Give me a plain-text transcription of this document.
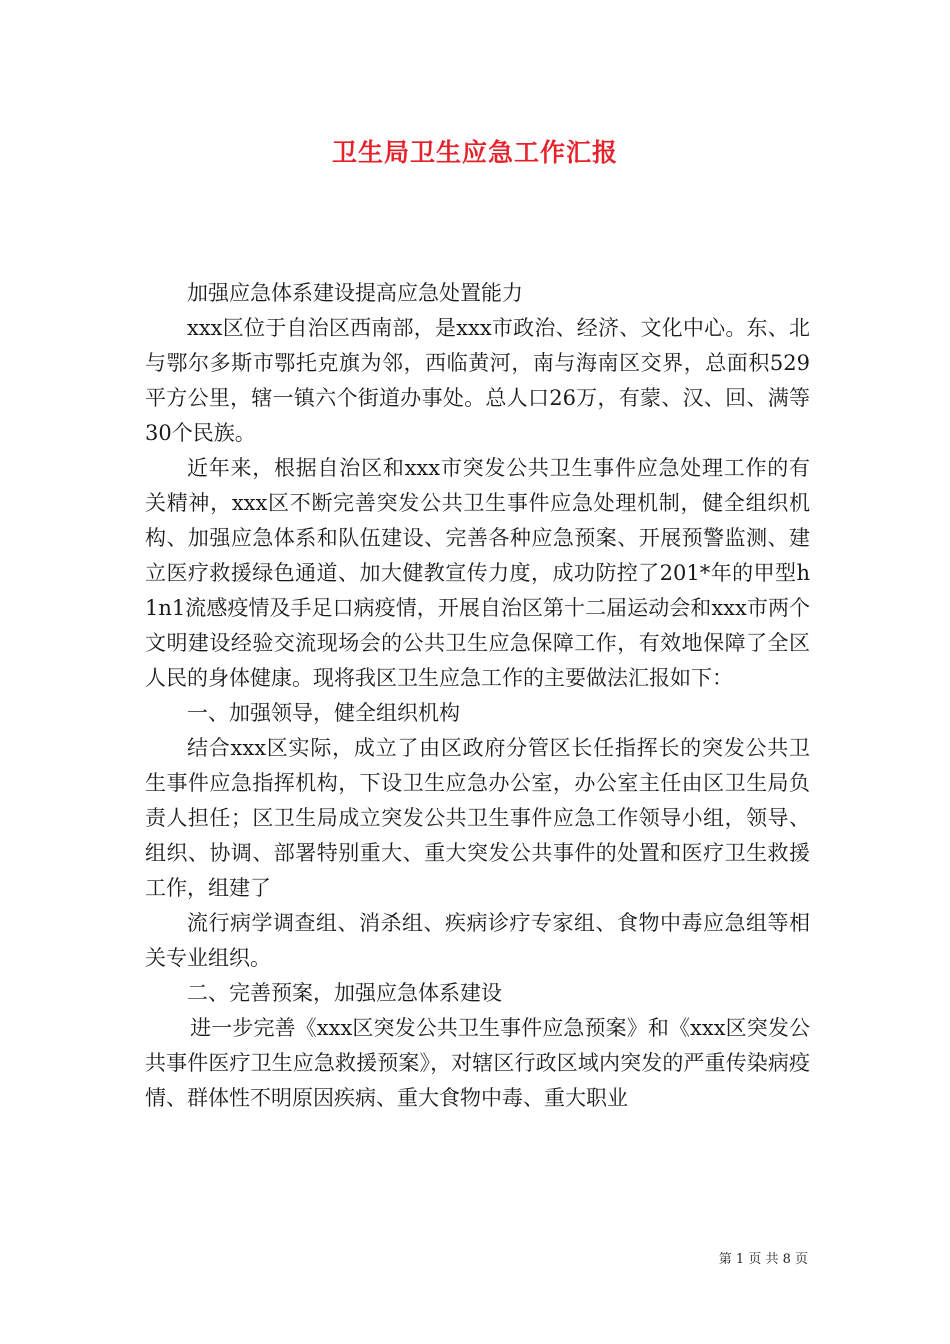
卫生局卫生应急工作汇报

加强应急体系建设提高应急处置能力

xxx区位于自治区西南部，是xxx市政治、经济、文化中心。东、北与鄂尔多斯市鄂托克旗为邻，西临黄河，南与海南区交界，总面积529平方公里，辖一镇六个街道办事处。总人口26万，有蒙、汉、回、满等30个民族。

近年来，根据自治区和xxx市突发公共卫生事件应急处理工作的有关精神，xxx区不断完善突发公共卫生事件应急处理机制，健全组织机构、加强应急体系和队伍建设、完善各种应急预案、开展预警监测、建立医疗救援绿色通道、加大健教宣传力度，成功防控了201*年的甲型h1n1流感疫情及手足口病疫情，开展自治区第十二届运动会和xxx市两个文明建设经验交流现场会的公共卫生应急保障工作，有效地保障了全区人民的身体健康。现将我区卫生应急工作的主要做法汇报如下：

一、加强领导，健全组织机构

结合xxx区实际，成立了由区政府分管区长任指挥长的突发公共卫生事件应急指挥机构，下设卫生应急办公室，办公室主任由区卫生局负责人担任；区卫生局成立突发公共卫生事件应急工作领导小组，领导、组织、协调、部署特别重大、重大突发公共事件的处置和医疗卫生救援工作，组建了

流行病学调查组、消杀组、疾病诊疗专家组、食物中毒应急组等相关专业组织。

二、完善预案，加强应急体系建设

进一步完善《xxx区突发公共卫生事件应急预案》和《xxx区突发公共事件医疗卫生应急救援预案》，对辖区行政区域内突发的严重传染病疫情、群体性不明原因疾病、重大食物中毒、重大职业

第 1 页 共 8 页
